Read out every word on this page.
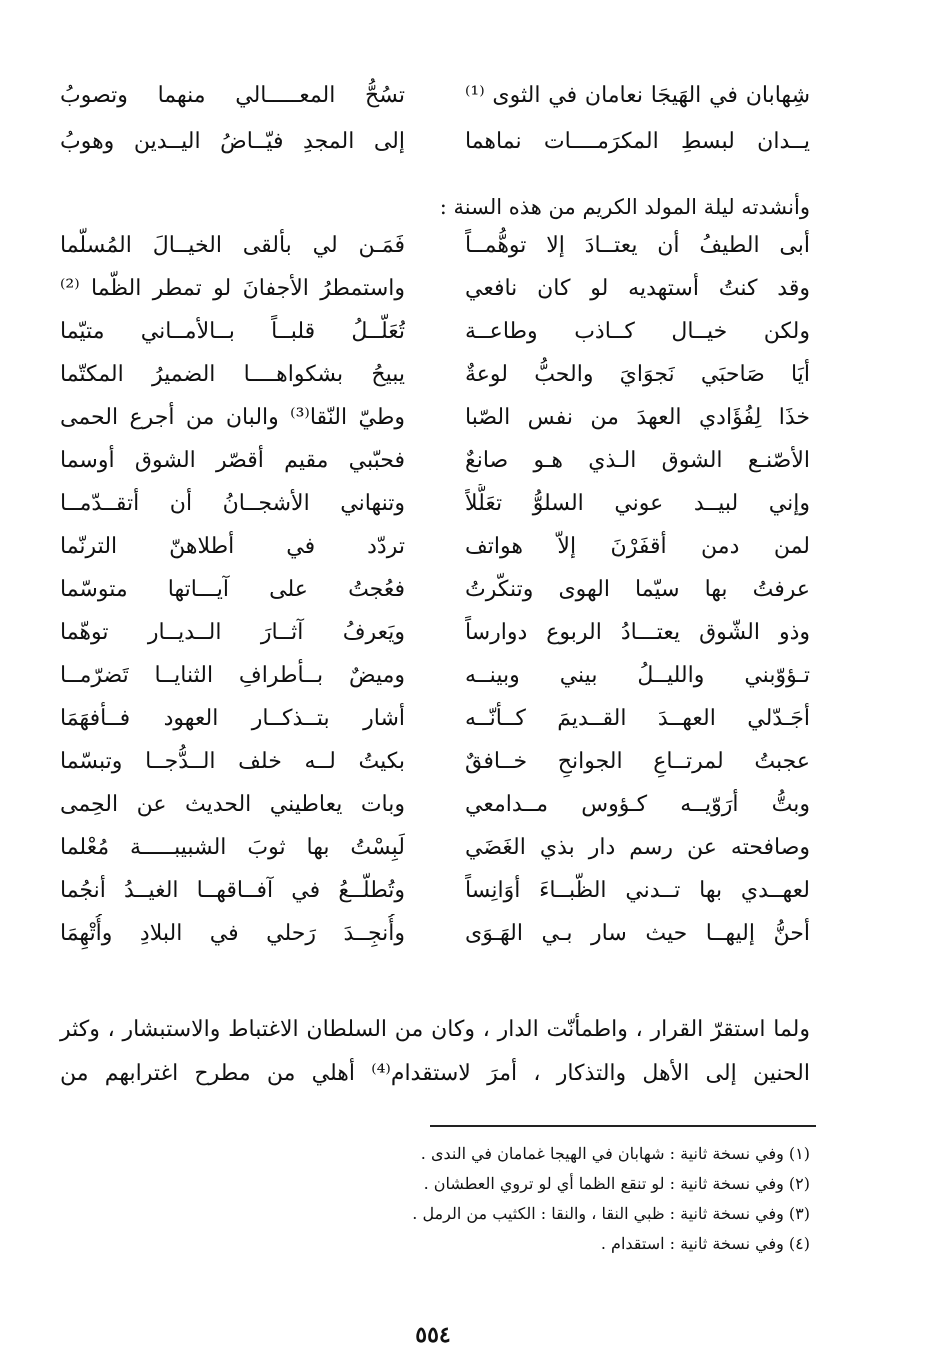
شِهابان في الهَيجَا نعامان في الثوى ⁽¹⁾
تسُحُّ المعـــــالي منهما وتصوبُ
يــدان لبسطِ المكرَمــــات نماهما
إلى المجدِ فيّــاضُ اليــدين وهوبُ
وأنشدته ليلة المولد الكريم من هذه السنة :
أبى الطيفُ أن يعتــادَ إلا توهُّمــاً
فَمَـن لي بألقى الخيــالَ المُسلّما
وقد كنتُ أستهديه لو كان نافعي
واستمطرُ الأجفانَ لو تمطر الظّما ⁽²⁾
ولكن خيــال كــاذب وطاعــة
تُعَلّــلُ قلبــاً بــالأمــاني متيّما
أيَا صَاحبَي نَجوَايَ والحبُّ لوعةٌ
يبيحُ بشكواهــــا الضميرُ المكتّما
خذَا لِفُؤَادي العهدَ من نفس الصّبا
وطيّ النّقا⁽³⁾ والبان من أجرع الحمى
الأصّنـع الشوق الـذي هـو صانعٌ
فحبّبي مقيم أقصّر الشوق أوسما
وإني لبيــد عوني السلوُّ تعَلُّلاً
وتنهاني الأشجــانُ أن أتقــدّمــا
لمن دمن أقفَرْنَ إلاّ هواتف
تردّد في أطلاهنّ الترنّما
عرفتُ بها سيّما الهوى وتنكّرتُ
فعُجتُ على آيـــاتها متوسّما
وذو الشّوق يعتـــادُ الربوع دوارساً
ويَعرفُ آثــارَ الــديــار توهّما
تـؤوّبني والليــلُ بيني وبينــه
وميضٌ بــأطرافِ الثنايــا تَضرّمــا
أجَـدّلي العهــدَ القــديمَ كــأنّــه
أشار بتــذكــار العهود فــأفهَمَا
عجبتُ لمرتــاعِ الجوانحِ خــافقٌ
بكيتُ لــه خلف الــدُّجــا وتبسّما
وبتُّ أرَوّيــه كـؤوس مــدامعي
وبات يعاطيني الحديث عن الحِمى
وصافحته عن رسم دار بذي الغَضَي
لَبِسْتُ بها ثوبَ الشبيبـــــة مُعْلما
لعهــدي بها تــدني الظّبــاءَ أوَانِساً
وتُطلّــعُ في آفــاقهــا الغيــدُ أنجُما
أحنُّ إليهــا حيث سار بـي الهَـوَى
وأُنجِــدَ رَحلي في البلادِ وأُتْهِمَا
ولما استقرّ القرار ، واطمأنّت الدار ، وكان من السلطان الاغتباط والاستبشار ، وكثر
الحنين إلى الأهل والتذكار ، أمرَ لاستقدام⁽⁴⁾ أهلي من مطرح اغترابهم من
(١) وفي نسخة ثانية : شهابان في الهيجا غمامان في الندى .
(٢) وفي نسخة ثانية : لو تنقع الظما أي لو تروي العطشان .
(٣) وفي نسخة ثانية : ظبي النقا ، والنقا : الكثيب من الرمل .
(٤) وفي نسخة ثانية : استقدام .
٥٥٤
